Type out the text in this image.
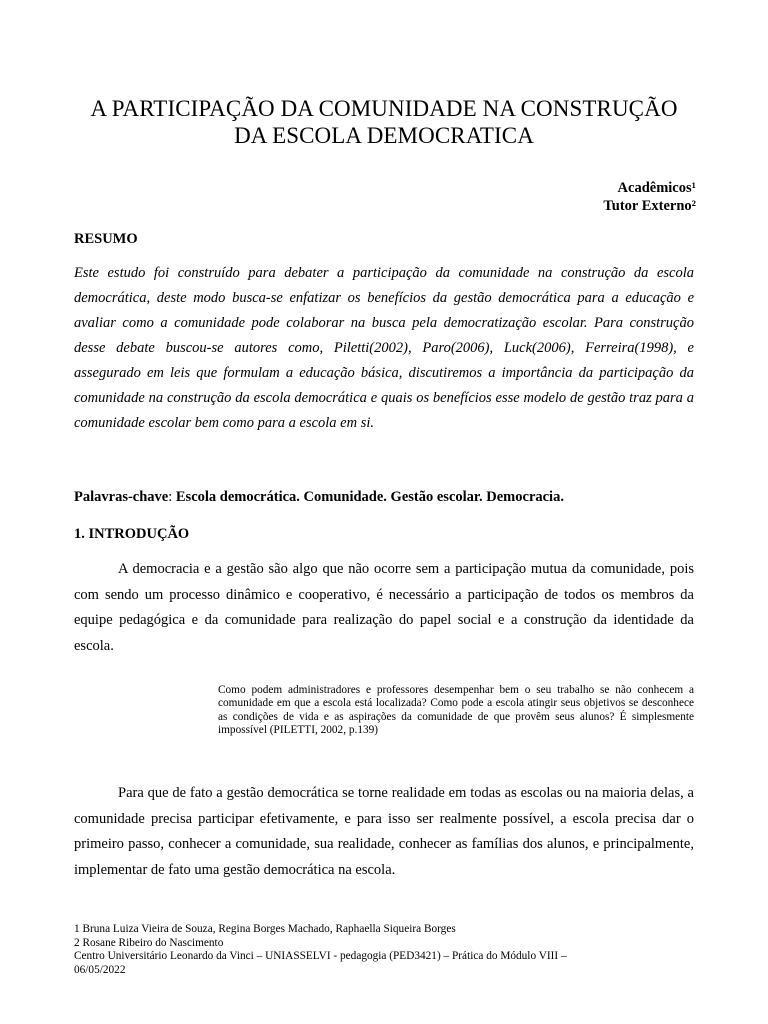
A PARTICIPAÇÃO DA COMUNIDADE NA CONSTRUÇÃO
DA ESCOLA DEMOCRATICA
Acadêmicos¹
Tutor Externo²
RESUMO

Este estudo foi construído para debater a participação da comunidade na construção da escola democrática, deste modo busca-se enfatizar os benefícios da gestão democrática para a educação e avaliar como a comunidade pode colaborar na busca pela democratização escolar. Para construção desse debate buscou-se autores como, Piletti(2002), Paro(2006), Luck(2006), Ferreira(1998), e assegurado em leis que formulam a educação básica, discutiremos a importância da participação da comunidade na construção da escola democrática e quais os benefícios esse modelo de gestão traz para a comunidade escolar bem como para a escola em si.

Palavras-chave: Escola democrática. Comunidade. Gestão escolar. Democracia.
1. INTRODUÇÃO

A democracia e a gestão são algo que não ocorre sem a participação mutua da comunidade, pois com sendo um processo dinâmico e cooperativo, é necessário a participação de todos os membros da equipe pedagógica e da comunidade para realização do papel social e a construção da identidade da escola.

Como podem administradores e professores desempenhar bem o seu trabalho se não conhecem a comunidade em que a escola está localizada? Como pode a escola atingir seus objetivos se desconhece as condições de vida e as aspirações da comunidade de que provêm seus alunos? É simplesmente impossível (PILETTI, 2002, p.139)

Para que de fato a gestão democrática se torne realidade em todas as escolas ou na maioria delas, a comunidade precisa participar efetivamente, e para isso ser realmente possível, a escola precisa dar o primeiro passo, conhecer a comunidade, sua realidade, conhecer as famílias dos alunos, e principalmente, implementar de fato uma gestão democrática na escola.

1 Bruna Luiza Vieira de Souza, Regina Borges Machado, Raphaella Siqueira Borges
2 Rosane Ribeiro do Nascimento
Centro Universitário Leonardo da Vinci – UNIASSELVI - pedagogia (PED3421) – Prática do Módulo VIII –
06/05/2022
